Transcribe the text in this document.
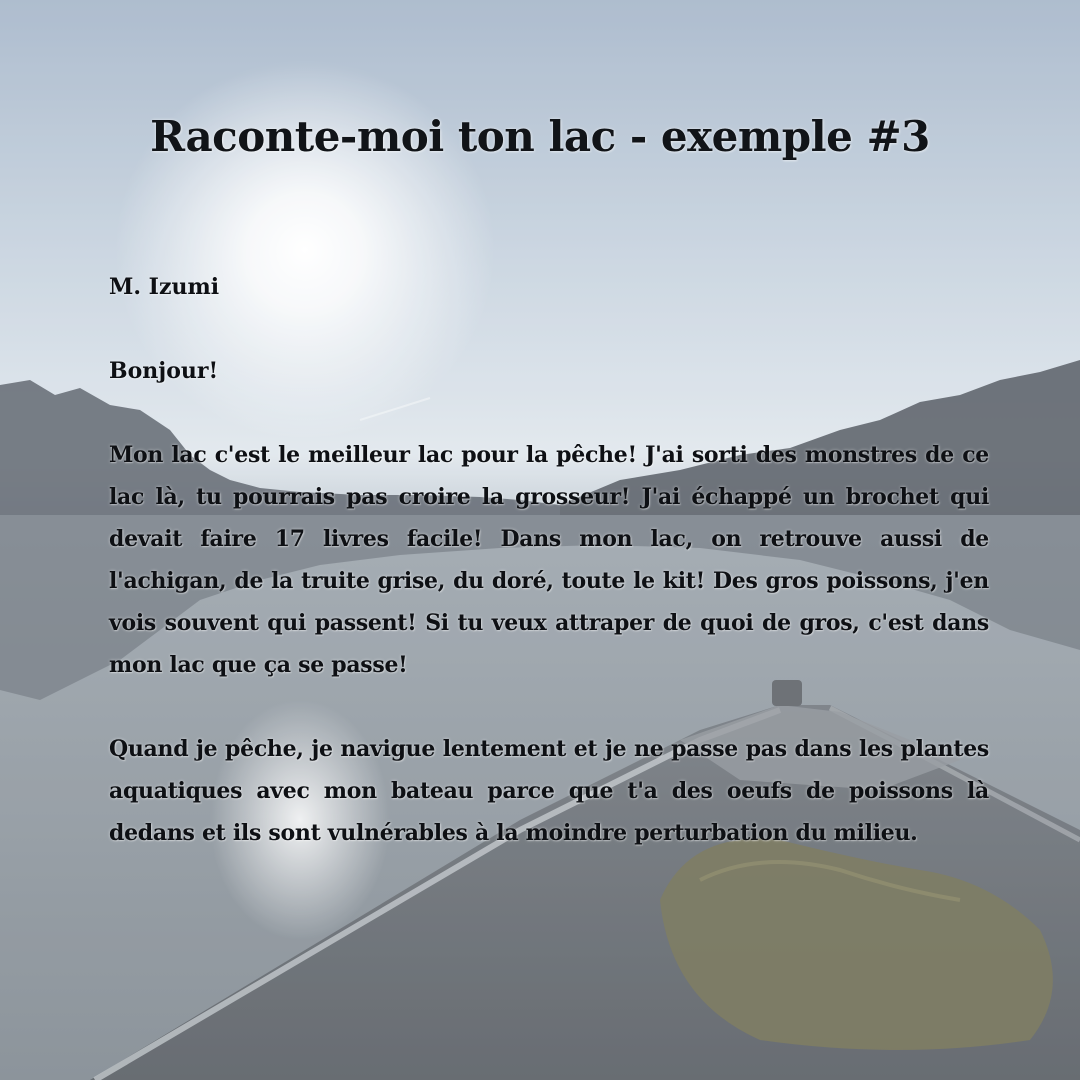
Raconte-moi ton lac - exemple #3

M. Izumi

Bonjour!

Mon lac c'est le meilleur lac pour la pêche! J'ai sorti des monstres de ce lac là, tu pourrais pas croire la grosseur! J'ai échappé un brochet qui devait faire 17 livres facile! Dans mon lac, on retrouve aussi de l'achigan, de la truite grise, du doré, toute le kit! Des gros poissons, j'en vois souvent qui passent! Si tu veux attraper de quoi de gros, c'est dans mon lac que ça se passe!

Quand je pêche, je navigue lentement et je ne passe pas dans les plantes aquatiques avec mon bateau parce que t'a des oeufs de poissons là dedans et ils sont vulnérables à la moindre perturbation du milieu.
